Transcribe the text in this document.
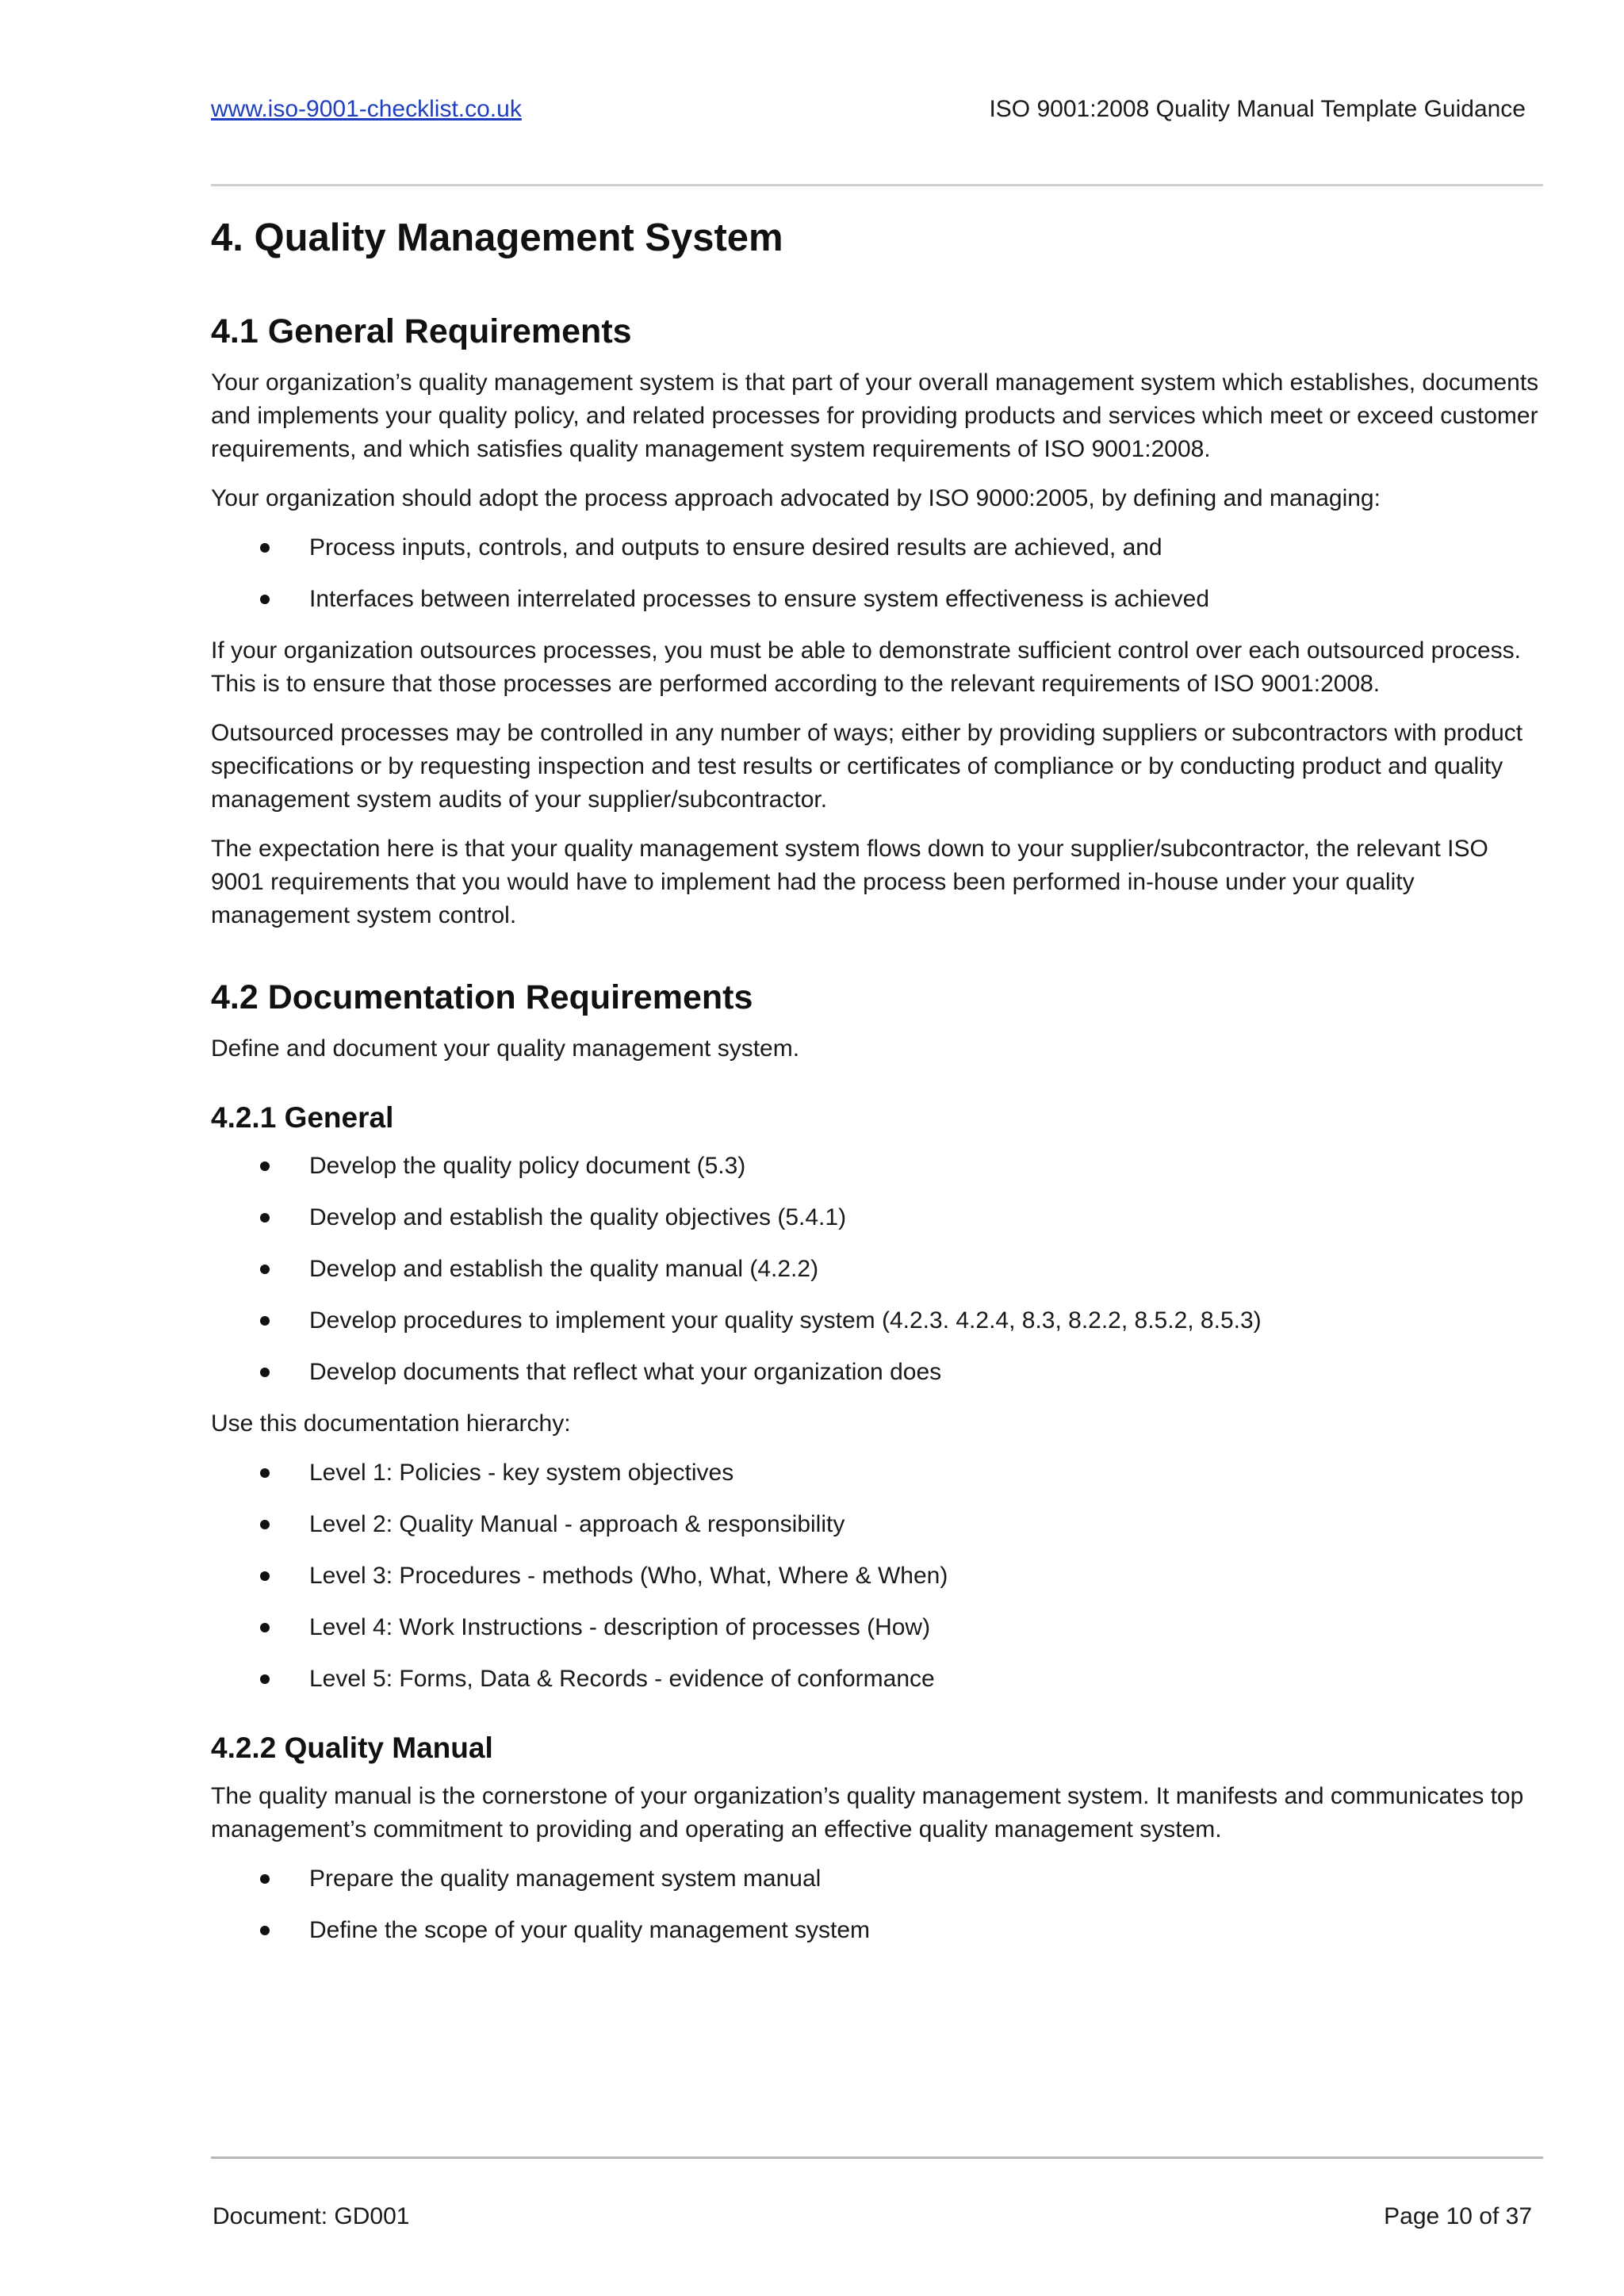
www.iso-9001-checklist.co.uk	ISO 9001:2008 Quality Manual Template Guidance
4. Quality Management System
4.1 General Requirements

Your organization’s quality management system is that part of your overall management system which establishes, documents and implements your quality policy, and related processes for providing products and services which meet or exceed customer requirements, and which satisfies quality management system requirements of ISO 9001:2008.

Your organization should adopt the process approach advocated by ISO 9000:2005, by defining and managing:

Process inputs, controls, and outputs to ensure desired results are achieved, and
Interfaces between interrelated processes to ensure system effectiveness is achieved

If your organization outsources processes, you must be able to demonstrate sufficient control over each outsourced process. This is to ensure that those processes are performed according to the relevant requirements of ISO 9001:2008.

Outsourced processes may be controlled in any number of ways; either by providing suppliers or subcontractors with product specifications or by requesting inspection and test results or certificates of compliance or by conducting product and quality management system audits of your supplier/subcontractor.

The expectation here is that your quality management system flows down to your supplier/subcontractor, the relevant ISO 9001 requirements that you would have to implement had the process been performed in-house under your quality management system control.

4.2 Documentation Requirements

Define and document your quality management system.

4.2.1 General
Develop the quality policy document (5.3)
Develop and establish the quality objectives (5.4.1)
Develop and establish the quality manual (4.2.2)
Develop procedures to implement your quality system (4.2.3. 4.2.4, 8.3, 8.2.2, 8.5.2, 8.5.3)
Develop documents that reflect what your organization does

Use this documentation hierarchy:

Level 1: Policies - key system objectives
Level 2: Quality Manual - approach & responsibility
Level 3: Procedures - methods (Who, What, Where & When)
Level 4: Work Instructions - description of processes (How)
Level 5: Forms, Data & Records - evidence of conformance
4.2.2 Quality Manual

The quality manual is the cornerstone of your organization’s quality management system. It manifests and communicates top management’s commitment to providing and operating an effective quality management system.

Prepare the quality management system manual
Define the scope of your quality management system
Document: GD001	Page 10 of 37
